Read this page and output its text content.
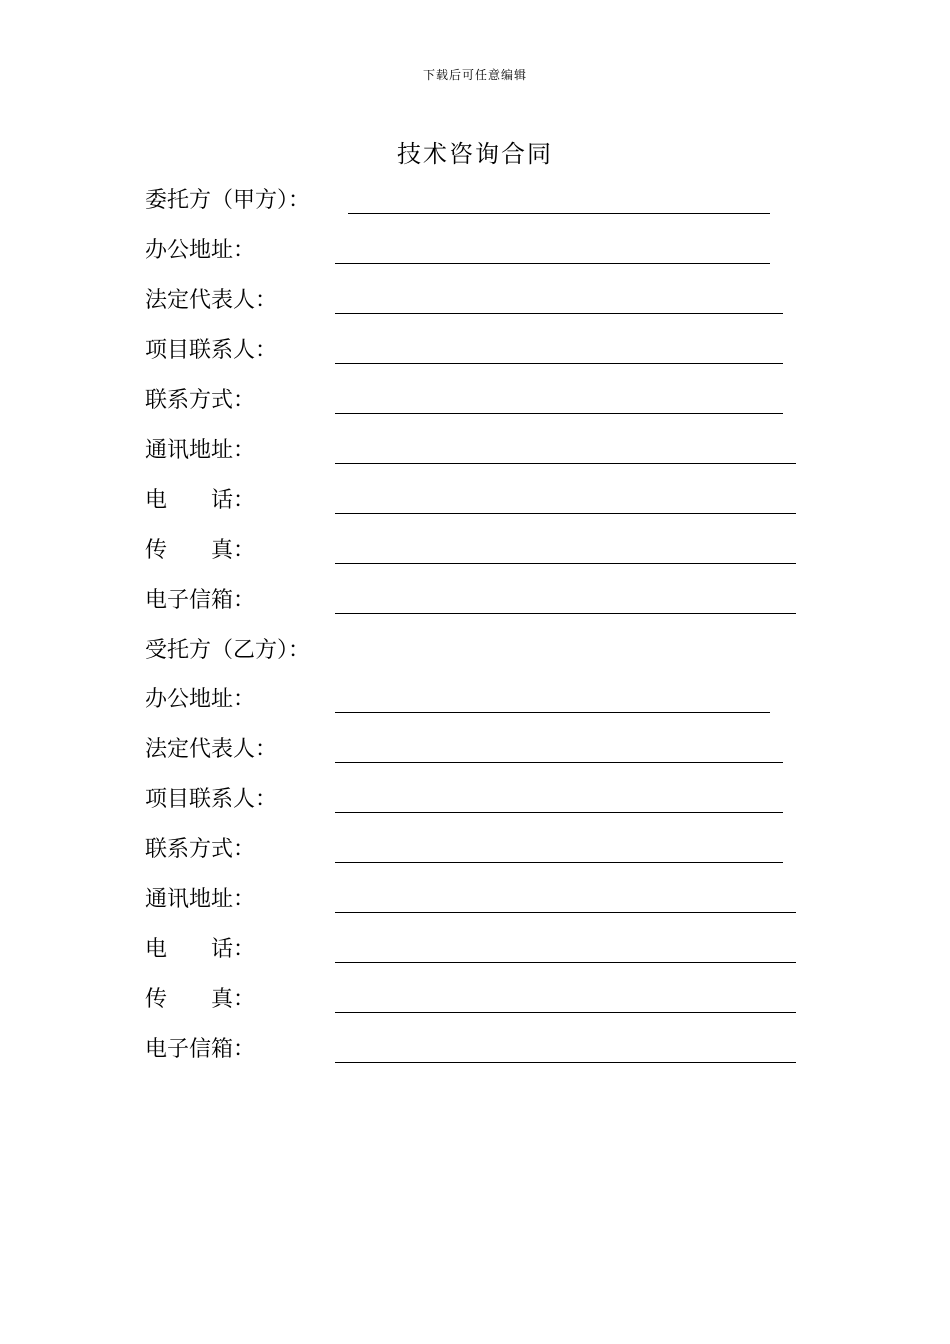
下载后可任意编辑
技术咨询合同
委托方（甲方）：
办公地址：
法定代表人：
项目联系人：
联系方式：
通讯地址：
电　　话：
传　　真：
电子信箱：
受托方（乙方）：
办公地址：
法定代表人：
项目联系人：
联系方式：
通讯地址：
电　　话：
传　　真：
电子信箱：
